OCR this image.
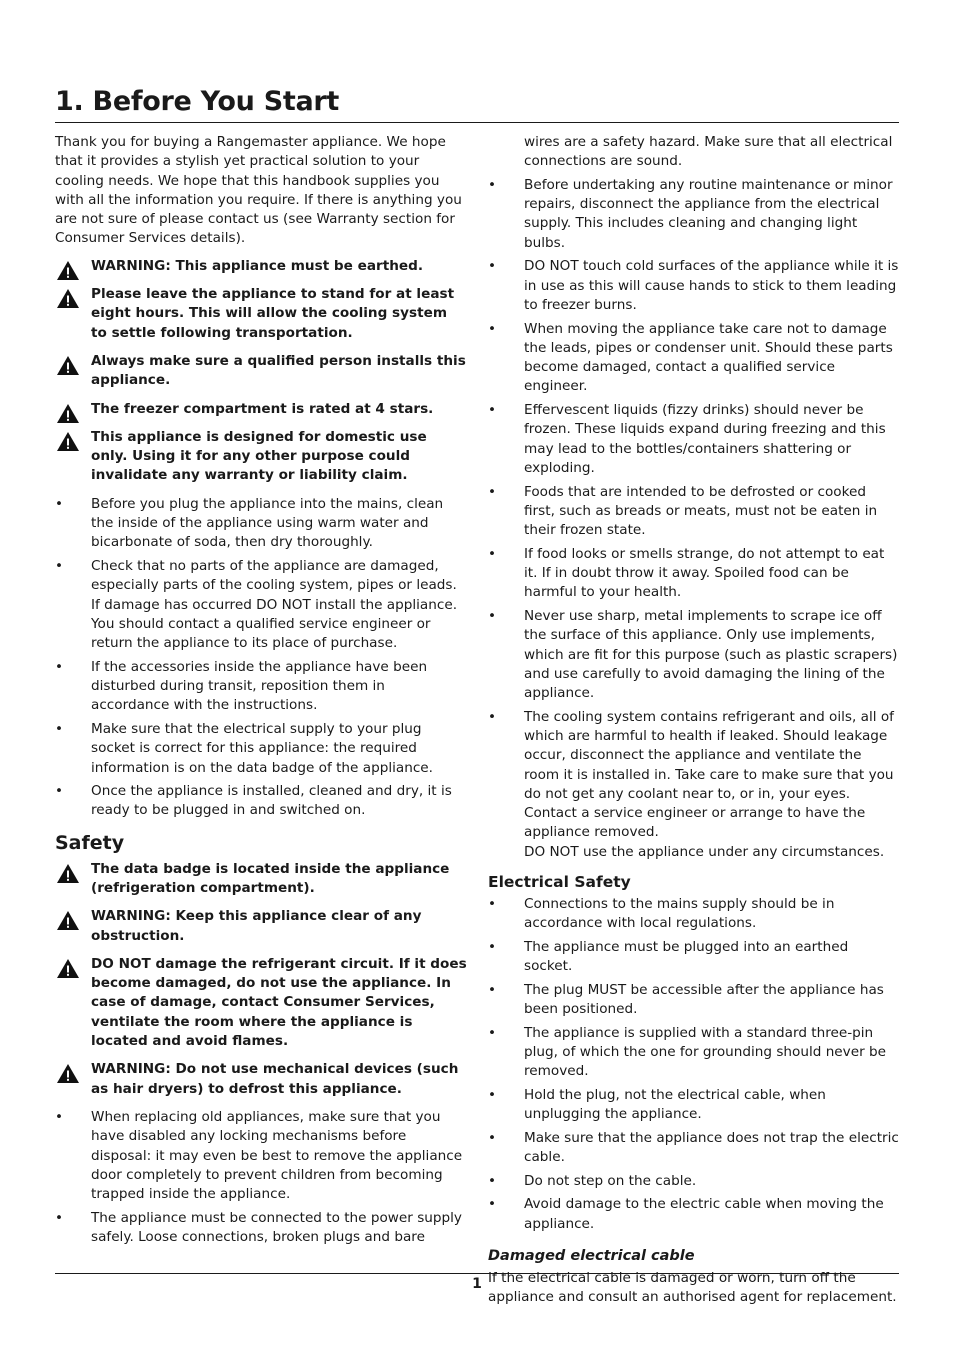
1. Before You Start

Thank you for buying a Rangemaster appliance. We hope that it provides a stylish yet practical solution to your cooling needs. We hope that this handbook supplies you with all the information you require. If there is anything you are not sure of please contact us (see Warranty section for Consumer Services details).

WARNING: This appliance must be earthed.
Please leave the appliance to stand for at least eight hours. This will allow the cooling system to settle following transportation.
Always make sure a qualified person installs this appliance.
The freezer compartment is rated at 4 stars.
This appliance is designed for domestic use only. Using it for any other purpose could invalidate any warranty or liability claim.
• Before you plug the appliance into the mains, clean the inside of the appliance using warm water and bicarbonate of soda, then dry thoroughly.
• Check that no parts of the appliance are damaged, especially parts of the cooling system, pipes or leads. If damage has occurred DO NOT install the appliance. You should contact a qualified service engineer or return the appliance to its place of purchase.
• If the accessories inside the appliance have been disturbed during transit, reposition them in accordance with the instructions.
• Make sure that the electrical supply to your plug socket is correct for this appliance: the required information is on the data badge of the appliance.
• Once the appliance is installed, cleaned and dry, it is ready to be plugged in and switched on.
Safety
The data badge is located inside the appliance (refrigeration compartment).
WARNING: Keep this appliance clear of any obstruction.
DO NOT damage the refrigerant circuit. If it does become damaged, do not use the appliance. In case of damage, contact Consumer Services, ventilate the room where the appliance is located and avoid flames.
WARNING: Do not use mechanical devices (such as hair dryers) to defrost this appliance.
• When replacing old appliances, make sure that you have disabled any locking mechanisms before disposal: it may even be best to remove the appliance door completely to prevent children from becoming trapped inside the appliance.
• The appliance must be connected to the power supply safely. Loose connections, broken plugs and bare

wires are a safety hazard. Make sure that all electrical connections are sound.

• Before undertaking any routine maintenance or minor repairs, disconnect the appliance from the electrical supply. This includes cleaning and changing light bulbs.
• DO NOT touch cold surfaces of the appliance while it is in use as this will cause hands to stick to them leading to freezer burns.
• When moving the appliance take care not to damage the leads, pipes or condenser unit. Should these parts become damaged, contact a qualified service engineer.
• Effervescent liquids (fizzy drinks) should never be frozen. These liquids expand during freezing and this may lead to the bottles/containers shattering or exploding.
• Foods that are intended to be defrosted or cooked first, such as breads or meats, must not be eaten in their frozen state.
• If food looks or smells strange, do not attempt to eat it. If in doubt throw it away. Spoiled food can be harmful to your health.
• Never use sharp, metal implements to scrape ice off the surface of this appliance. Only use implements, which are fit for this purpose (such as plastic scrapers) and use carefully to avoid damaging the lining of the appliance.
• The cooling system contains refrigerant and oils, all of which are harmful to health if leaked. Should leakage occur, disconnect the appliance and ventilate the room it is installed in. Take care to make sure that you do not get any coolant near to, or in, your eyes.

Contact a service engineer or arrange to have the appliance removed.

DO NOT use the appliance under any circumstances.

Electrical Safety
• Connections to the mains supply should be in accordance with local regulations.
• The appliance must be plugged into an earthed socket.
• The plug MUST be accessible after the appliance has been positioned.
• The appliance is supplied with a standard three-pin plug, of which the one for grounding should never be removed.
• Hold the plug, not the electrical cable, when unplugging the appliance.
• Make sure that the appliance does not trap the electric cable.
• Do not step on the cable.
• Avoid damage to the electric cable when moving the appliance.
Damaged electrical cable

If the electrical cable is damaged or worn, turn off the appliance and consult an authorised agent for replacement.

1
